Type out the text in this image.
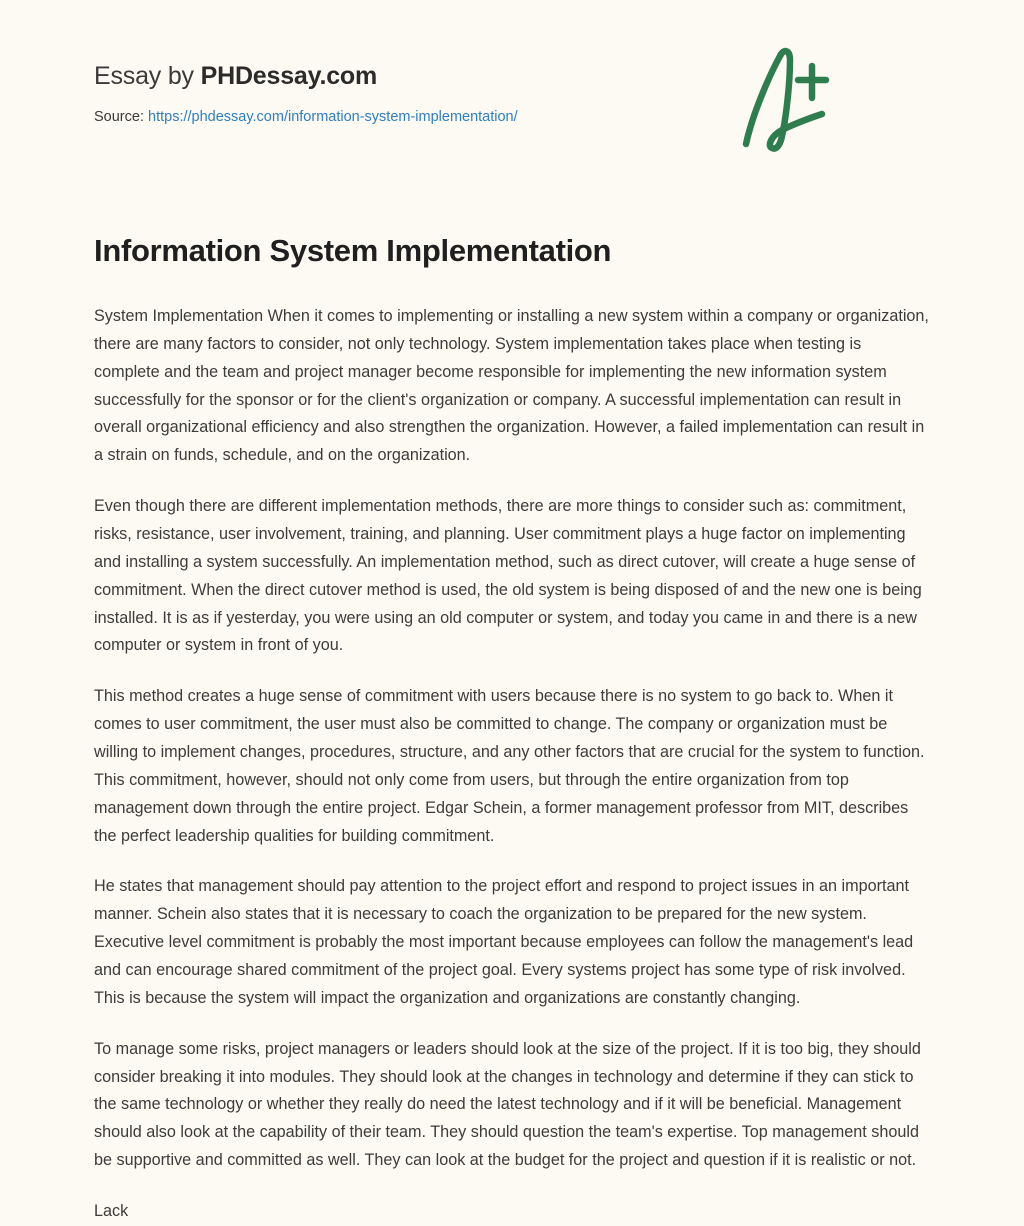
Essay by PHDessay.com
Source: https://phdessay.com/information-system-implementation/
Information System Implementation

System Implementation When it comes to implementing or installing a new system within a company or organization, there are many factors to consider, not only technology. System implementation takes place when testing is complete and the team and project manager become responsible for implementing the new information system successfully for the sponsor or for the client's organization or company. A successful implementation can result in overall organizational efficiency and also strengthen the organization. However, a failed implementation can result in a strain on funds, schedule, and on the organization.

Even though there are different implementation methods, there are more things to consider such as: commitment, risks, resistance, user involvement, training, and planning. User commitment plays a huge factor on implementing and installing a system successfully. An implementation method, such as direct cutover, will create a huge sense of commitment. When the direct cutover method is used, the old system is being disposed of and the new one is being installed. It is as if yesterday, you were using an old computer or system, and today you came in and there is a new computer or system in front of you.

This method creates a huge sense of commitment with users because there is no system to go back to. When it comes to user commitment, the user must also be committed to change. The company or organization must be willing to implement changes, procedures, structure, and any other factors that are crucial for the system to function. This commitment, however, should not only come from users, but through the entire organization from top management down through the entire project. Edgar Schein, a former management professor from MIT, describes the perfect leadership qualities for building commitment.

He states that management should pay attention to the project effort and respond to project issues in an important manner. Schein also states that it is necessary to coach the organization to be prepared for the new system. Executive level commitment is probably the most important because employees can follow the management's lead and can encourage shared commitment of the project goal. Every systems project has some type of risk involved. This is because the system will impact the organization and organizations are constantly changing.

To manage some risks, project managers or leaders should look at the size of the project. If it is too big, they should consider breaking it into modules. They should look at the changes in technology and determine if they can stick to the same technology or whether they really do need the latest technology and if it will be beneficial. Management should also look at the capability of their team. They should question the team's expertise. Top management should be supportive and committed as well. They can look at the budget for the project and question if it is realistic or not.

Lack
